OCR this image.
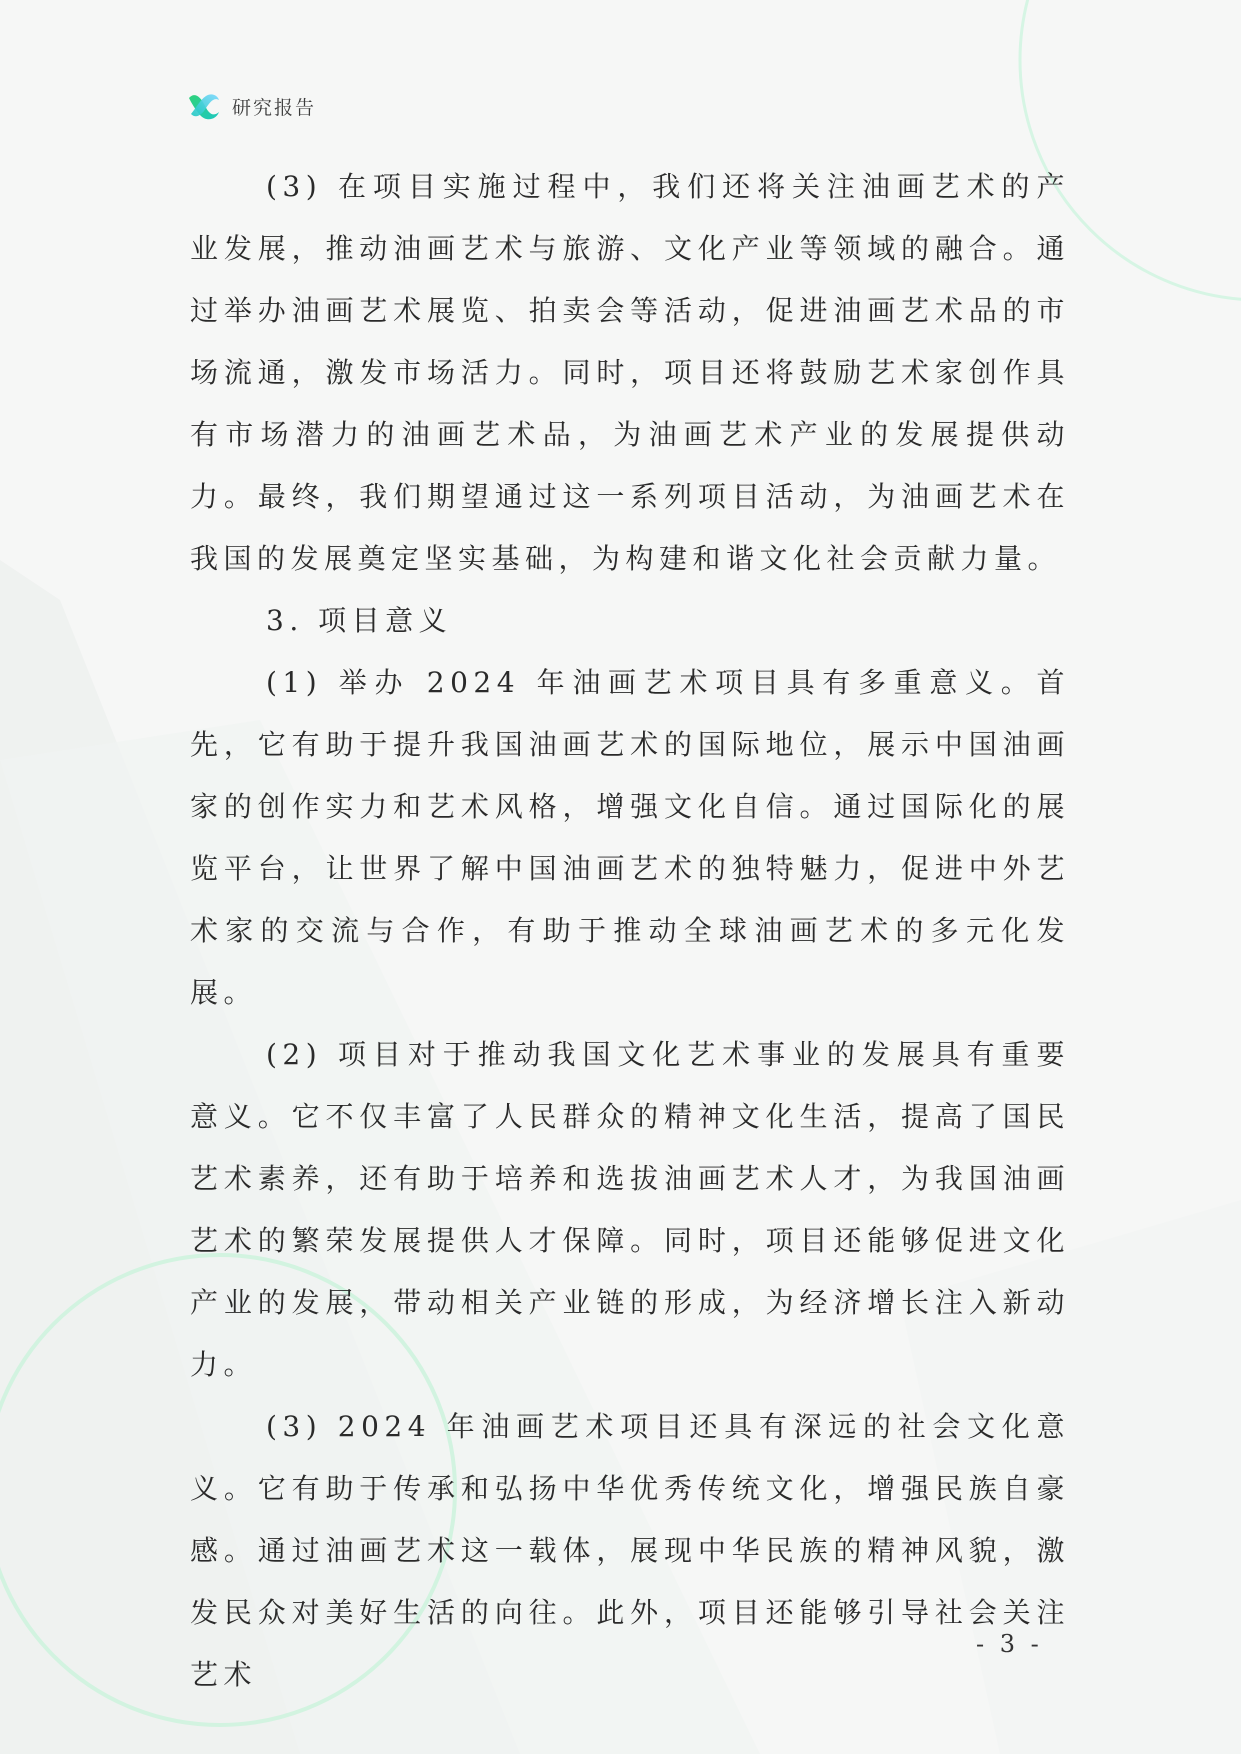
研究报告

(3) 在项目实施过程中，我们还将关注油画艺术的产业发展，推动油画艺术与旅游、文化产业等领域的融合。通过举办油画艺术展览、拍卖会等活动，促进油画艺术品的市场流通，激发市场活力。同时，项目还将鼓励艺术家创作具有市场潜力的油画艺术品，为油画艺术产业的发展提供动力。最终，我们期望通过这一系列项目活动，为油画艺术在我国的发展奠定坚实基础，为构建和谐文化社会贡献力量。

3. 项目意义

(1) 举办 2024 年油画艺术项目具有多重意义。首先，它有助于提升我国油画艺术的国际地位，展示中国油画家的创作实力和艺术风格，增强文化自信。通过国际化的展览平台，让世界了解中国油画艺术的独特魅力，促进中外艺术家的交流与合作，有助于推动全球油画艺术的多元化发展。

(2) 项目对于推动我国文化艺术事业的发展具有重要意义。它不仅丰富了人民群众的精神文化生活，提高了国民艺术素养，还有助于培养和选拔油画艺术人才，为我国油画艺术的繁荣发展提供人才保障。同时，项目还能够促进文化产业的发展，带动相关产业链的形成，为经济增长注入新动力。

(3) 2024 年油画艺术项目还具有深远的社会文化意义。它有助于传承和弘扬中华优秀传统文化，增强民族自豪感。通过油画艺术这一载体，展现中华民族的精神风貌，激发民众对美好生活的向往。此外，项目还能够引导社会关注艺术

- 3 -
